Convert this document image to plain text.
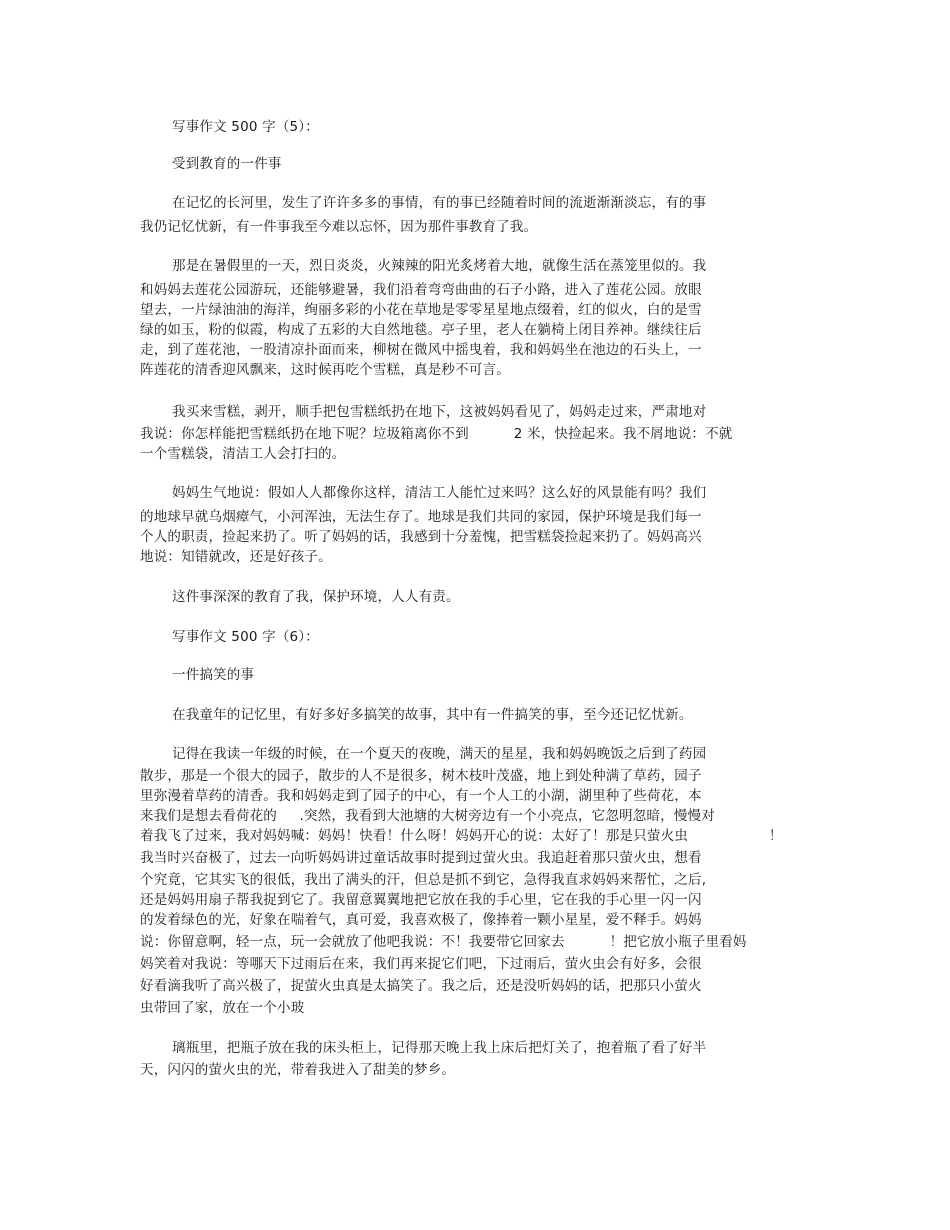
写事作文 500 字（5）：
受到教育的一件事
在记忆的长河里，发生了许许多多的事情，有的事已经随着时间的流逝渐渐淡忘，有的事
我仍记忆忧新，有一件事我至今难以忘怀，因为那件事教育了我。
那是在暑假里的一天，烈日炎炎，火辣辣的阳光炙烤着大地，就像生活在蒸笼里似的。我
和妈妈去莲花公园游玩，还能够避暑，我们沿着弯弯曲曲的石子小路，进入了莲花公园。放眼
望去，一片绿油油的海洋，绚丽多彩的小花在草地是零零星星地点缀着，红的似火，白的是雪
绿的如玉，粉的似霞，构成了五彩的大自然地毯。亭子里，老人在躺椅上闭目养神。继续往后
走，到了莲花池，一股清凉扑面而来，柳树在微风中摇曳着，我和妈妈坐在池边的石头上，一
阵莲花的清香迎风飘来，这时候再吃个雪糕，真是秒不可言。
我买来雪糕，剥开，顺手把包雪糕纸扔在地下，这被妈妈看见了，妈妈走过来，严肃地对
我说：你怎样能把雪糕纸扔在地下呢？垃圾箱离你不到          2 米，快捡起来。我不屑地说：不就
一个雪糕袋，清洁工人会打扫的。
妈妈生气地说：假如人人都像你这样，清洁工人能忙过来吗？这么好的风景能有吗？我们
的地球早就乌烟瘴气，小河浑浊，无法生存了。地球是我们共同的家园，保护环境是我们每一
个人的职责，捡起来扔了。听了妈妈的话，我感到十分羞愧，把雪糕袋捡起来扔了。妈妈高兴
地说：知错就改，还是好孩子。
这件事深深的教育了我，保护环境，人人有责。
写事作文 500 字（6）：
一件搞笑的事
在我童年的记忆里，有好多好多搞笑的故事，其中有一件搞笑的事，至今还记忆忧新。
记得在我读一年级的时候，在一个夏天的夜晚，满天的星星，我和妈妈晚饭之后到了药园
散步，那是一个很大的园子，散步的人不是很多，树木枝叶茂盛，地上到处种满了草药，园子
里弥漫着草药的清香。我和妈妈走到了园子的中心，有一个人工的小湖，湖里种了些荷花，本
来我们是想去看荷花的     .突然，我看到大池塘的大树旁边有一个小亮点，它忽明忽暗，慢慢对
着我飞了过来，我对妈妈喊：妈妈！快看！什么呀！妈妈开心的说：太好了！那是只萤火虫                  ！
我当时兴奋极了，过去一向听妈妈讲过童话故事时提到过萤火虫。我追赶着那只萤火虫，想看
个究竟，它其实飞的很低，我出了满头的汗，但总是抓不到它，急得我直求妈妈来帮忙，之后,
还是妈妈用扇子帮我捉到它了。我留意翼翼地把它放在我的手心里，它在我的手心里一闪一闪
的发着绿色的光，好象在喘着气，真可爱，我喜欢极了，像捧着一颗小星星，爱不释手。妈妈
说：你留意啊，轻一点，玩一会就放了他吧我说：不！我要带它回家去          ！把它放小瓶子里看妈
妈笑着对我说：等哪天下过雨后在来，我们再来捉它们吧，下过雨后，萤火虫会有好多，会很
好看滴我听了高兴极了，捉萤火虫真是太搞笑了。我之后，还是没听妈妈的话，把那只小萤火
虫带回了家，放在一个小玻
璃瓶里，把瓶子放在我的床头柜上，记得那天晚上我上床后把灯关了，抱着瓶了看了好半
天，闪闪的萤火虫的光，带着我进入了甜美的梦乡。
